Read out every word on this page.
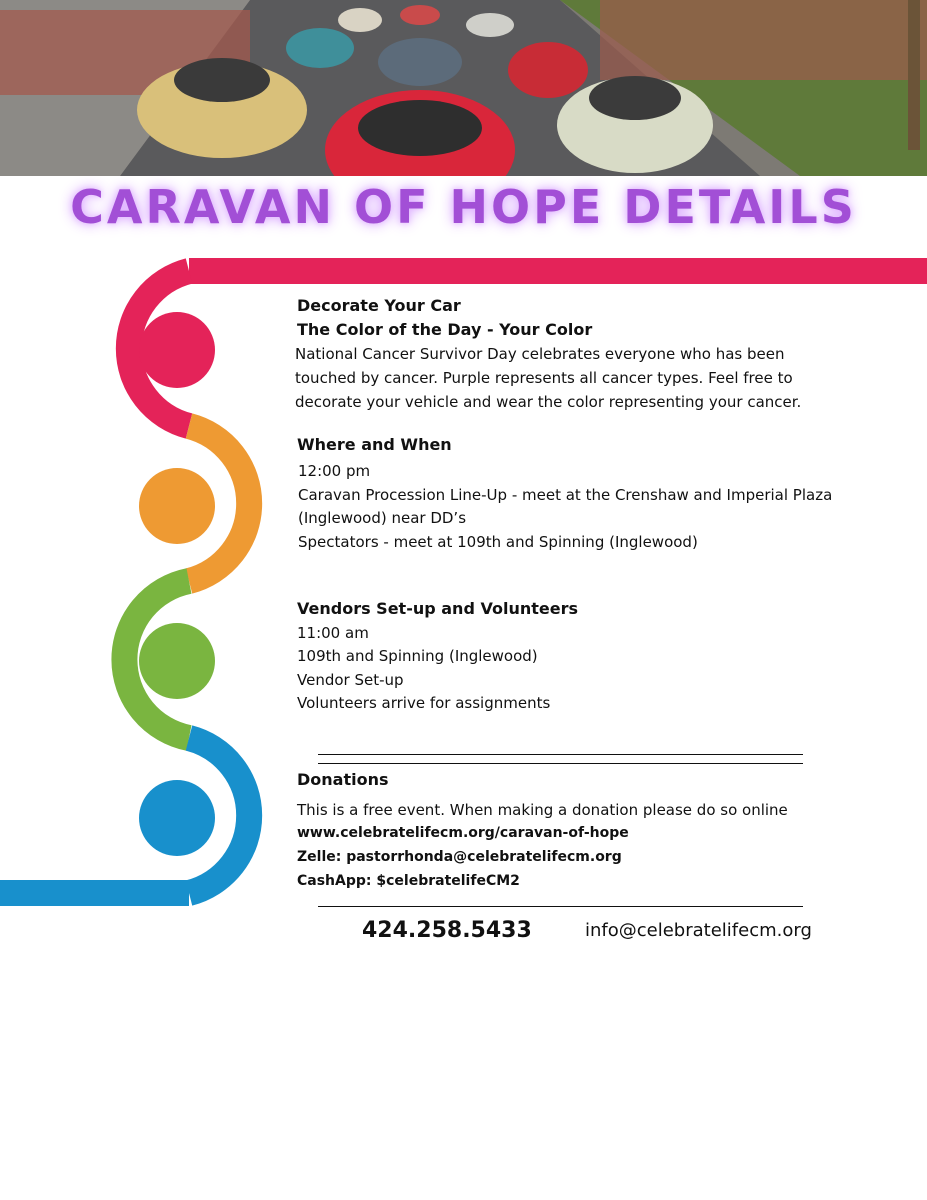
CARAVAN OF HOPE DETAILS
Decorate Your Car
The Color of the Day - Your Color
National Cancer Survivor Day celebrates everyone who has been
touched by cancer. Purple represents all cancer types. Feel free to
decorate your vehicle and wear the color representing your cancer.
Where and When
12:00 pm
Caravan Procession Line-Up - meet at the Crenshaw and Imperial Plaza
(Inglewood) near DD’s
Spectators - meet at 109th and Spinning (Inglewood)
Vendors Set-up and Volunteers
11:00 am
109th and Spinning (Inglewood)
Vendor Set-up
Volunteers arrive for assignments
Donations
This is a free event. When making a donation please do so online
www.celebratelifecm.org/caravan-of-hope
Zelle: pastorrhonda@celebratelifecm.org
CashApp: $celebratelifeCM2
424.258.5433	info@celebratelifecm.org
